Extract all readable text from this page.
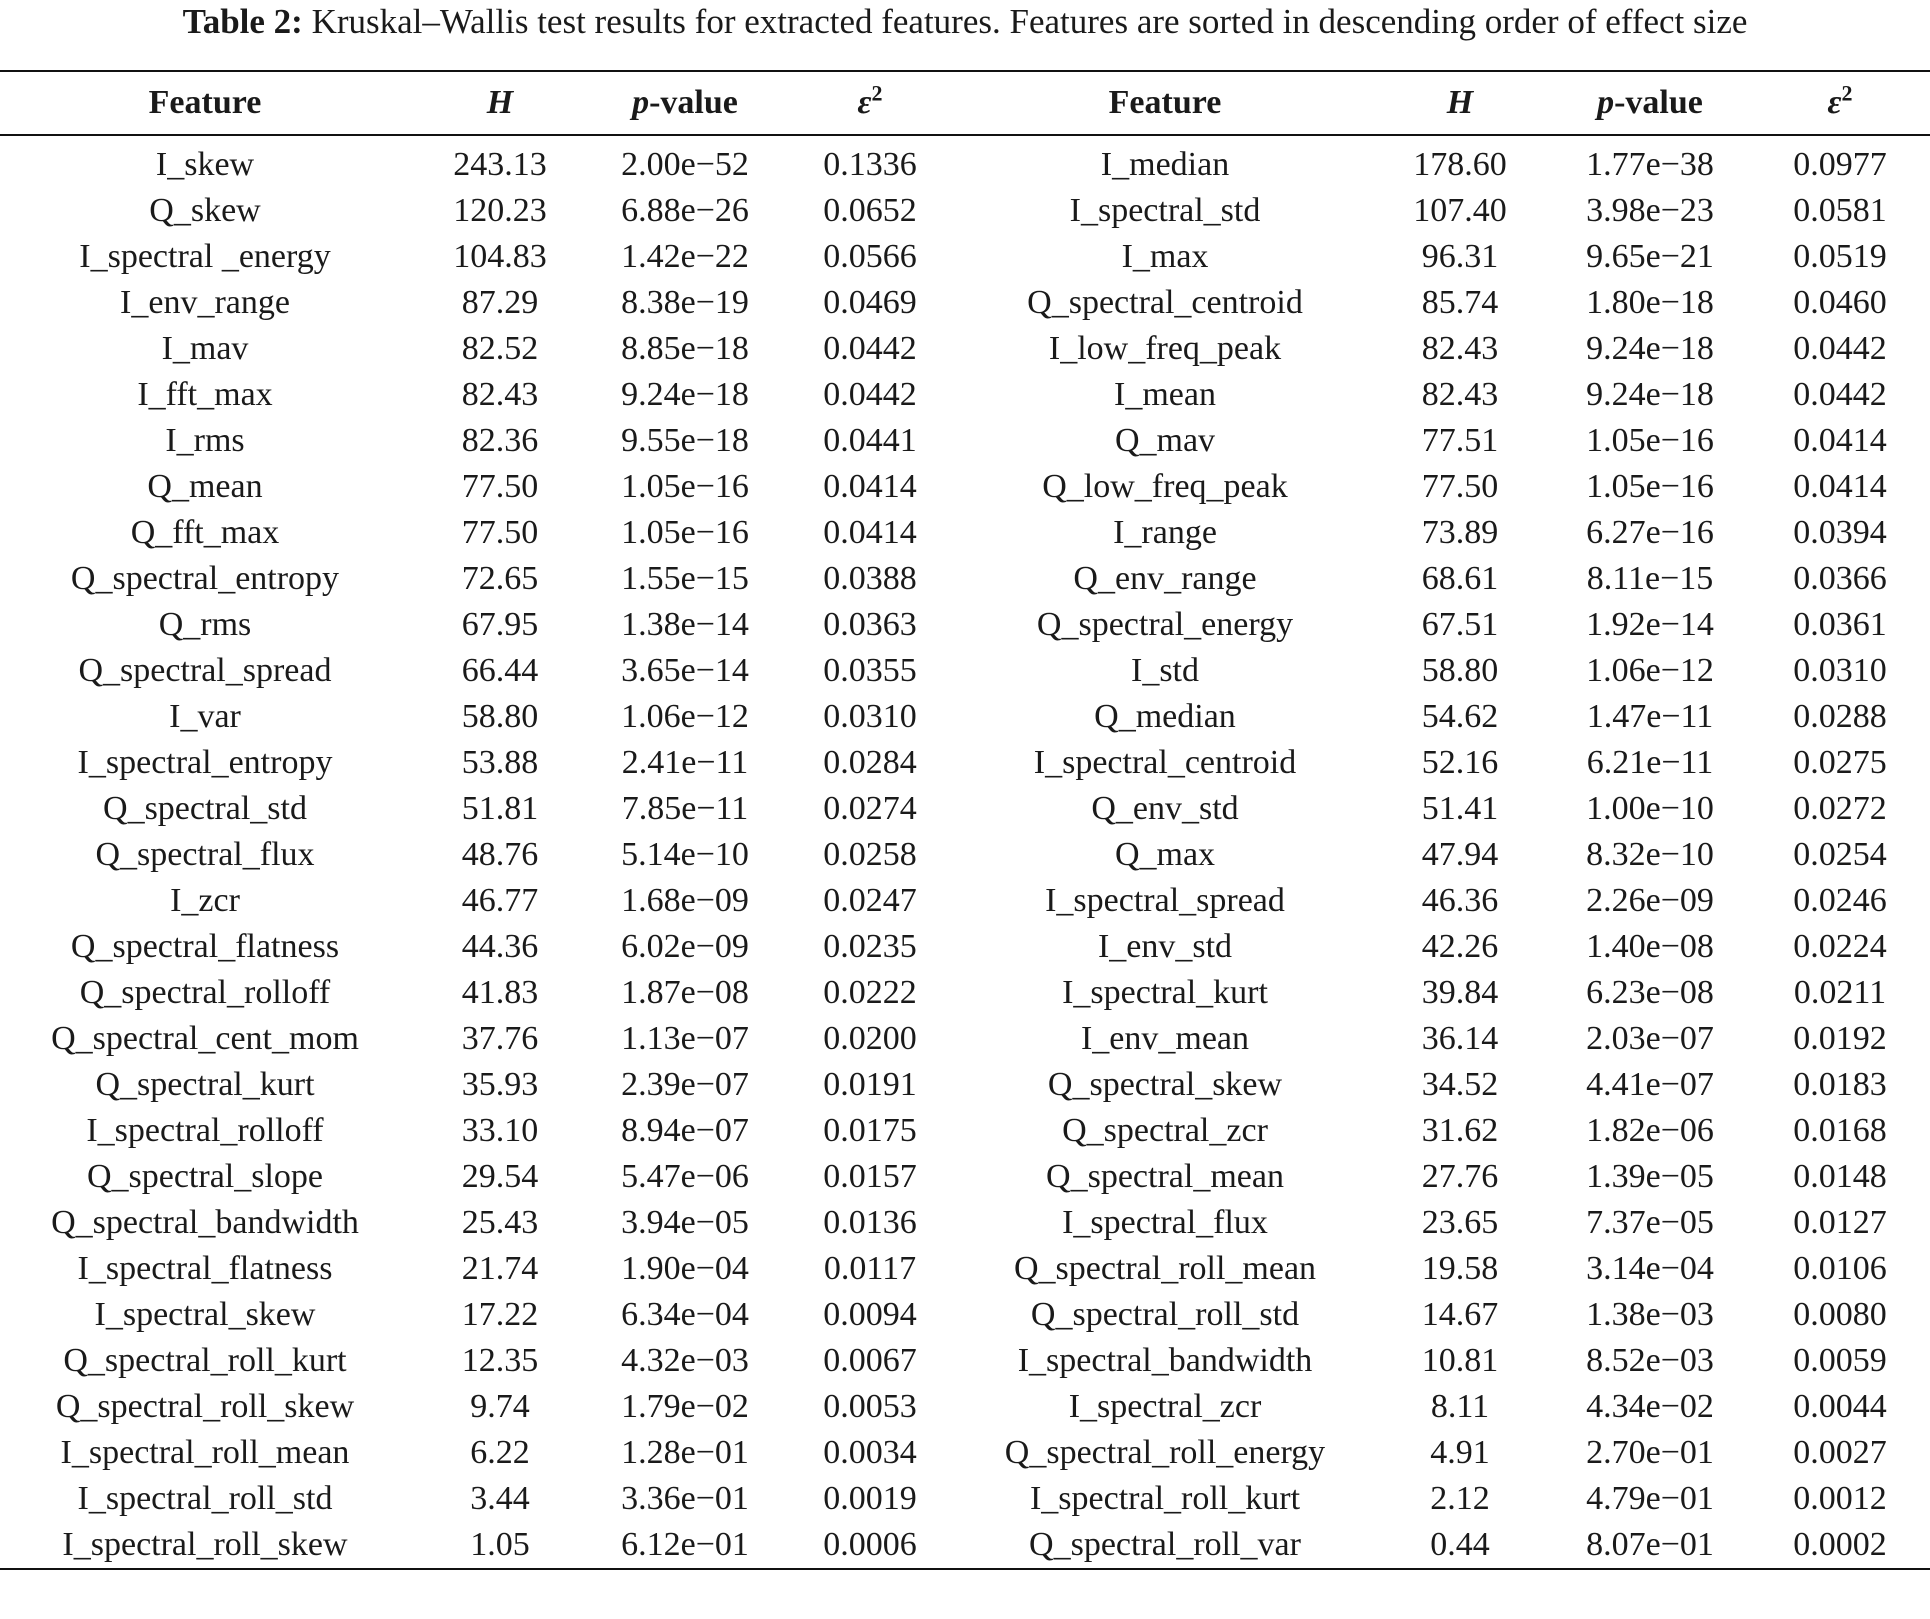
Table 2: Kruskal–Wallis test results for extracted features. Features are sorted in descending order of effect size
Feature	H	p-value	$\varepsilon^2$	Feature	H	p-value	$\varepsilon^2$
I_skew	243.13	2.00e−52	0.1336	I_median	178.60	1.77e−38	0.0977
Q_skew	120.23	6.88e−26	0.0652	I_spectral_std	107.40	3.98e−23	0.0581
I_spectral _energy	104.83	1.42e−22	0.0566	I_max	96.31	9.65e−21	0.0519
I_env_range	87.29	8.38e−19	0.0469	Q_spectral_centroid	85.74	1.80e−18	0.0460
I_mav	82.52	8.85e−18	0.0442	I_low_freq_peak	82.43	9.24e−18	0.0442
I_fft_max	82.43	9.24e−18	0.0442	I_mean	82.43	9.24e−18	0.0442
I_rms	82.36	9.55e−18	0.0441	Q_mav	77.51	1.05e−16	0.0414
Q_mean	77.50	1.05e−16	0.0414	Q_low_freq_peak	77.50	1.05e−16	0.0414
Q_fft_max	77.50	1.05e−16	0.0414	I_range	73.89	6.27e−16	0.0394
Q_spectral_entropy	72.65	1.55e−15	0.0388	Q_env_range	68.61	8.11e−15	0.0366
Q_rms	67.95	1.38e−14	0.0363	Q_spectral_energy	67.51	1.92e−14	0.0361
Q_spectral_spread	66.44	3.65e−14	0.0355	I_std	58.80	1.06e−12	0.0310
I_var	58.80	1.06e−12	0.0310	Q_median	54.62	1.47e−11	0.0288
I_spectral_entropy	53.88	2.41e−11	0.0284	I_spectral_centroid	52.16	6.21e−11	0.0275
Q_spectral_std	51.81	7.85e−11	0.0274	Q_env_std	51.41	1.00e−10	0.0272
Q_spectral_flux	48.76	5.14e−10	0.0258	Q_max	47.94	8.32e−10	0.0254
I_zcr	46.77	1.68e−09	0.0247	I_spectral_spread	46.36	2.26e−09	0.0246
Q_spectral_flatness	44.36	6.02e−09	0.0235	I_env_std	42.26	1.40e−08	0.0224
Q_spectral_rolloff	41.83	1.87e−08	0.0222	I_spectral_kurt	39.84	6.23e−08	0.0211
Q_spectral_cent_mom	37.76	1.13e−07	0.0200	I_env_mean	36.14	2.03e−07	0.0192
Q_spectral_kurt	35.93	2.39e−07	0.0191	Q_spectral_skew	34.52	4.41e−07	0.0183
I_spectral_rolloff	33.10	8.94e−07	0.0175	Q_spectral_zcr	31.62	1.82e−06	0.0168
Q_spectral_slope	29.54	5.47e−06	0.0157	Q_spectral_mean	27.76	1.39e−05	0.0148
Q_spectral_bandwidth	25.43	3.94e−05	0.0136	I_spectral_flux	23.65	7.37e−05	0.0127
I_spectral_flatness	21.74	1.90e−04	0.0117	Q_spectral_roll_mean	19.58	3.14e−04	0.0106
I_spectral_skew	17.22	6.34e−04	0.0094	Q_spectral_roll_std	14.67	1.38e−03	0.0080
Q_spectral_roll_kurt	12.35	4.32e−03	0.0067	I_spectral_bandwidth	10.81	8.52e−03	0.0059
Q_spectral_roll_skew	9.74	1.79e−02	0.0053	I_spectral_zcr	8.11	4.34e−02	0.0044
I_spectral_roll_mean	6.22	1.28e−01	0.0034	Q_spectral_roll_energy	4.91	2.70e−01	0.0027
I_spectral_roll_std	3.44	3.36e−01	0.0019	I_spectral_roll_kurt	2.12	4.79e−01	0.0012
I_spectral_roll_skew	1.05	6.12e−01	0.0006	Q_spectral_roll_var	0.44	8.07e−01	0.0002
